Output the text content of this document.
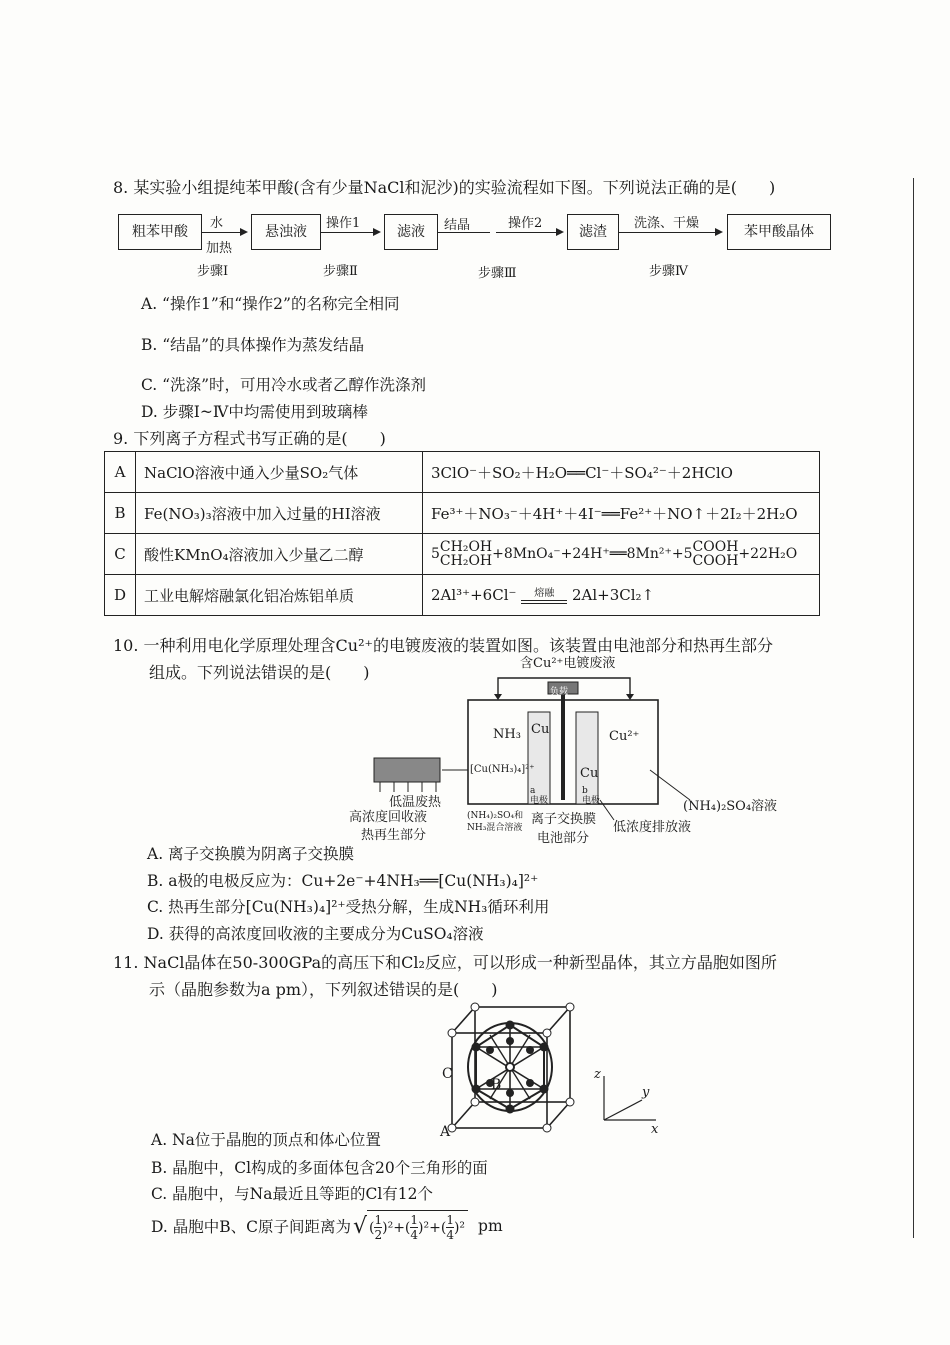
8. 某实验小组提纯苯甲酸(含有少量NaCl和泥沙)的实验流程如下图。下列说法正确的是(　　)
粗苯甲酸	悬浊液	滤液	滤渣	苯甲酸晶体
水
加热
操作1	结晶	操作2	洗涤、干燥
步骤Ⅰ	步骤Ⅱ	步骤Ⅲ	步骤Ⅳ
A. “操作1”和“操作2”的名称完全相同
B. “结晶”的具体操作为蒸发结晶
C. “洗涤”时，可用冷水或者乙醇作洗涤剂
D. 步骤Ⅰ~Ⅳ中均需使用到玻璃棒
9. 下列离子方程式书写正确的是(　　)
A	NaClO溶液中通入少量SO₂气体	3ClO⁻＋SO₂＋H₂O══Cl⁻＋SO₄²⁻＋2HClO
B	Fe(NO₃)₃溶液中加入过量的HI溶液	Fe³⁺＋NO₃⁻＋4H⁺＋4I⁻══Fe²⁺＋NO↑＋2I₂＋2H₂O
C	酸性KMnO₄溶液加入少量乙二醇	5CH₂OH
CH₂OH+8MnO₄⁻+24H⁺══8Mn²⁺+5COOH
COOH+22H₂O
D	工业电解熔融氯化铝冶炼铝单质	2Al³⁺+6Cl⁻ 熔融 2Al+3Cl₂↑
10. 一种利用电化学原理处理含Cu²⁺的电镀废液的装置如图。该装置由电池部分和热再生部分
组成。下列说法错误的是(　　)	含Cu²⁺电镀废液
负载
NH₃ Cu	Cu²⁺
Cu
[Cu(NH₃)₄]²⁺
a
电极
b
电极
低温废热
高浓度回收液
热再生部分
(NH₄)₂SO₄和 NH₃混合溶液
离子交换膜
电池部分
(NH₄)₂SO₄溶液
低浓度排放液
A. 离子交换膜为阴离子交换膜
B. a极的电极反应为：Cu+2e⁻+4NH₃══[Cu(NH₃)₄]²⁺
C. 热再生部分[Cu(NH₃)₄]²⁺受热分解，生成NH₃循环利用
D. 获得的高浓度回收液的主要成分为CuSO₄溶液
11. NaCl晶体在50-300GPa的高压下和Cl₂反应，可以形成一种新型晶体，其立方晶胞如图所
示（晶胞参数为a pm），下列叙述错误的是(　　)
A
B
C	z
y
x
A. Na位于晶胞的顶点和体心位置
B. 晶胞中，Cl构成的多面体包含20个三角形的面
C. 晶胞中，与Na最近且等距的Cl有12个
D. 晶胞中B、C原子间距离为 √ ( $\frac{1}{2} )^2+( \frac{1}{4} )^2+( \frac{1}{4} )^2$ pm
